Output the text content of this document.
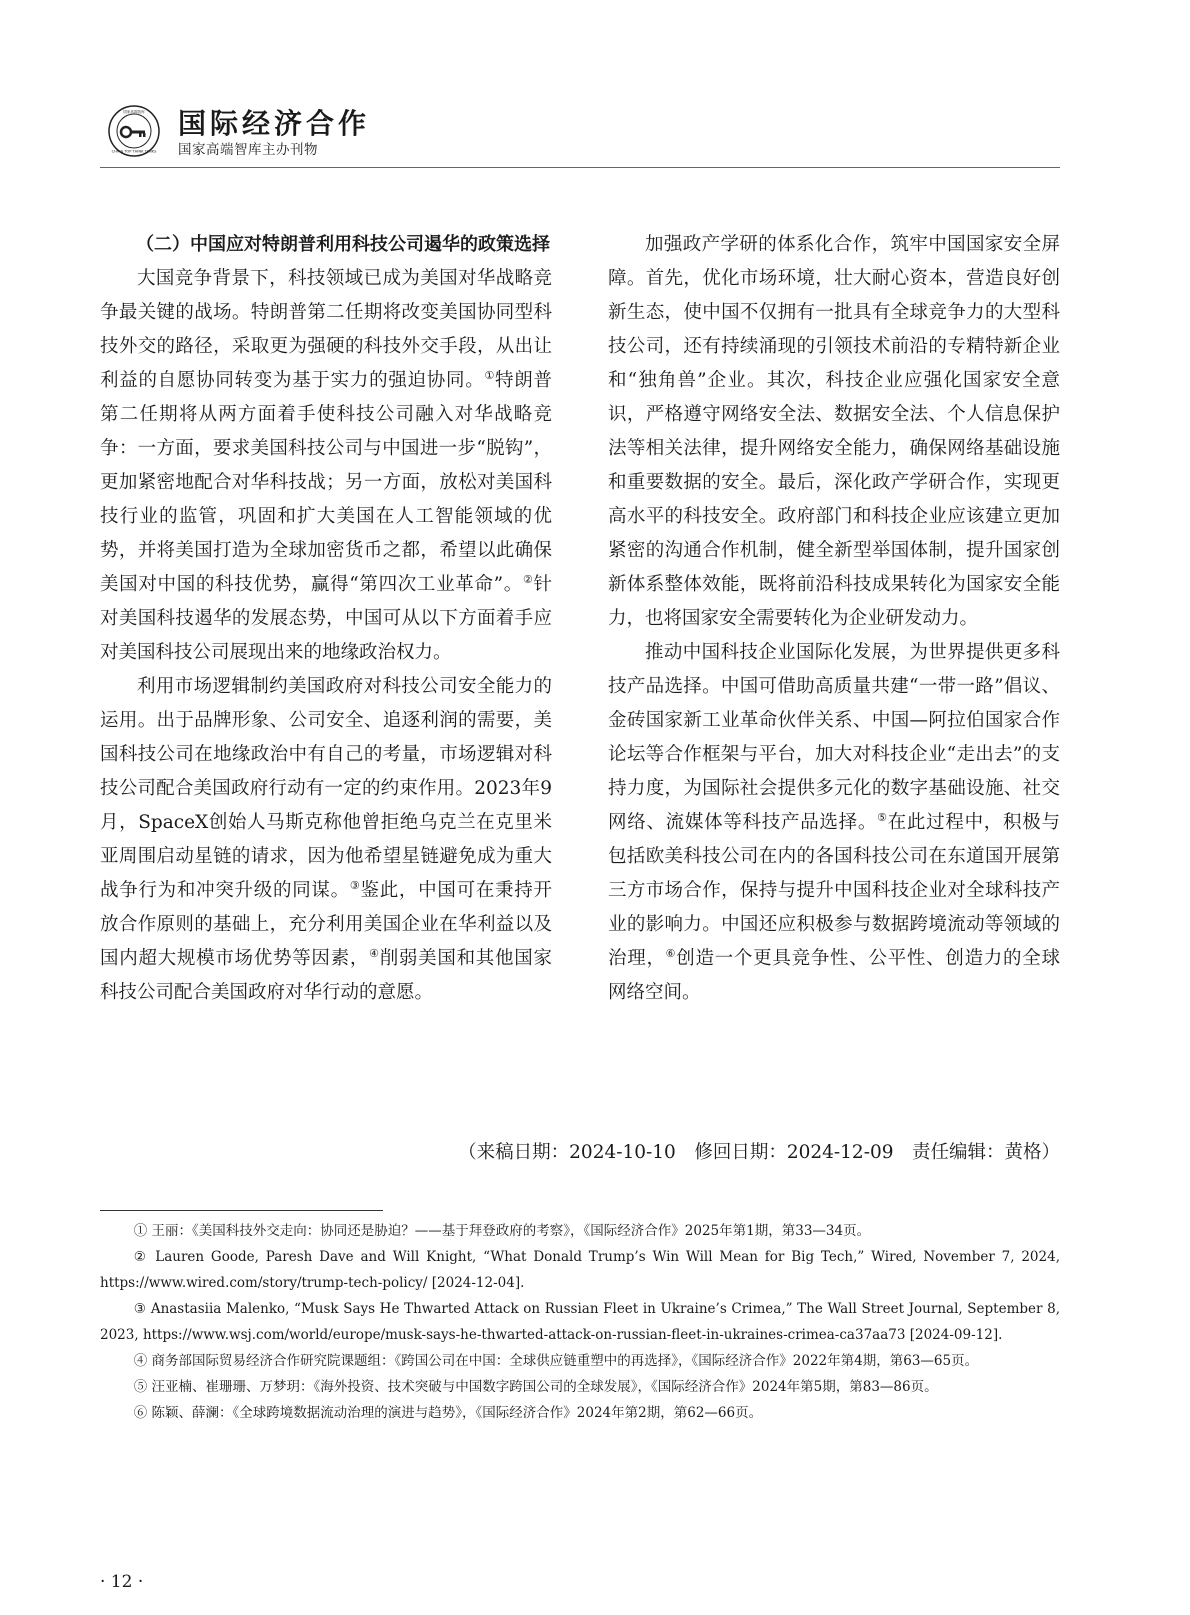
CHINA TOP THINK TANKS
国家高端智库 国际经济合作
国家高端智库主办刊物

（二）中国应对特朗普利用科技公司遏华的政策选择

大国竞争背景下，科技领域已成为美国对华战略竞争最关键的战场。特朗普第二任期将改变美国协同型科技外交的路径，采取更为强硬的科技外交手段，从出让利益的自愿协同转变为基于实力的强迫协同。①特朗普第二任期将从两方面着手使科技公司融入对华战略竞争：一方面，要求美国科技公司与中国进一步“脱钩”，更加紧密地配合对华科技战；另一方面，放松对美国科技行业的监管，巩固和扩大美国在人工智能领域的优势，并将美国打造为全球加密货币之都，希望以此确保美国对中国的科技优势，赢得“第四次工业革命”。②针对美国科技遏华的发展态势，中国可从以下方面着手应对美国科技公司展现出来的地缘政治权力。

利用市场逻辑制约美国政府对科技公司安全能力的运用。出于品牌形象、公司安全、追逐利润的需要，美国科技公司在地缘政治中有自己的考量，市场逻辑对科技公司配合美国政府行动有一定的约束作用。2023年9月，SpaceX创始人马斯克称他曾拒绝乌克兰在克里米亚周围启动星链的请求，因为他希望星链避免成为重大战争行为和冲突升级的同谋。③鉴此，中国可在秉持开放合作原则的基础上，充分利用美国企业在华利益以及国内超大规模市场优势等因素，④削弱美国和其他国家科技公司配合美国政府对华行动的意愿。

加强政产学研的体系化合作，筑牢中国国家安全屏障。首先，优化市场环境，壮大耐心资本，营造良好创新生态，使中国不仅拥有一批具有全球竞争力的大型科技公司，还有持续涌现的引领技术前沿的专精特新企业和“独角兽”企业。其次，科技企业应强化国家安全意识，严格遵守网络安全法、数据安全法、个人信息保护法等相关法律，提升网络安全能力，确保网络基础设施和重要数据的安全。最后，深化政产学研合作，实现更高水平的科技安全。政府部门和科技企业应该建立更加紧密的沟通合作机制，健全新型举国体制，提升国家创新体系整体效能，既将前沿科技成果转化为国家安全能力，也将国家安全需要转化为企业研发动力。

推动中国科技企业国际化发展，为世界提供更多科技产品选择。中国可借助高质量共建“一带一路”倡议、金砖国家新工业革命伙伴关系、中国—阿拉伯国家合作论坛等合作框架与平台，加大对科技企业“走出去”的支持力度，为国际社会提供多元化的数字基础设施、社交网络、流媒体等科技产品选择。⑤在此过程中，积极与包括欧美科技公司在内的各国科技公司在东道国开展第三方市场合作，保持与提升中国科技企业对全球科技产业的影响力。中国还应积极参与数据跨境流动等领域的治理，⑥创造一个更具竞争性、公平性、创造力的全球网络空间。

（来稿日期：2024-10-10　修回日期：2024-12-09　责任编辑：黄格）

① 王丽：《美国科技外交走向：协同还是胁迫？——基于拜登政府的考察》，《国际经济合作》2025年第1期，第33—34页。

② Lauren Goode, Paresh Dave and Will Knight, “What Donald Trump’s Win Will Mean for Big Tech,” Wired, November 7, 2024, https://www.wired.com/story/trump-tech-policy/ [2024-12-04].

③ Anastasiia Malenko, “Musk Says He Thwarted Attack on Russian Fleet in Ukraine’s Crimea,” The Wall Street Journal, September 8, 2023, https://www.wsj.com/world/europe/musk-says-he-thwarted-attack-on-russian-fleet-in-ukraines-crimea-ca37aa73 [2024-09-12].

④ 商务部国际贸易经济合作研究院课题组：《跨国公司在中国：全球供应链重塑中的再选择》，《国际经济合作》2022年第4期，第63—65页。

⑤ 汪亚楠、崔珊珊、万梦玥：《海外投资、技术突破与中国数字跨国公司的全球发展》，《国际经济合作》2024年第5期，第83—86页。

⑥ 陈颖、薛澜：《全球跨境数据流动治理的演进与趋势》，《国际经济合作》2024年第2期，第62—66页。

· 12 ·
